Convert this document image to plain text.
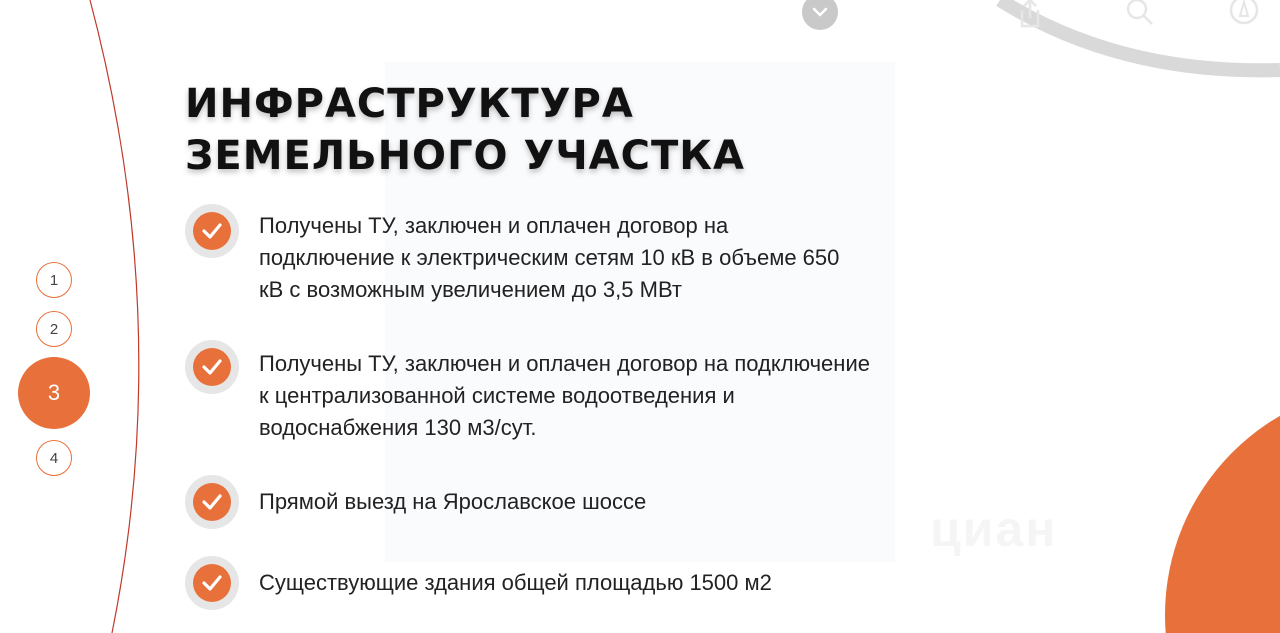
циан
1
2
3
4
ИНФРАСТРУКТУРА
ЗЕМЕЛЬНОГО УЧАСТКА
Получены ТУ, заключен и оплачен договор на
подключение к электрическим сетям 10 кВ в объеме 650
кВ с возможным увеличением до 3,5 МВт
Получены ТУ, заключен и оплачен договор на подключение
к централизованной системе водоотведения и
водоснабжения 130 м3/сут.
Прямой выезд на Ярославское шоссе
Существующие здания общей площадью 1500 м2
